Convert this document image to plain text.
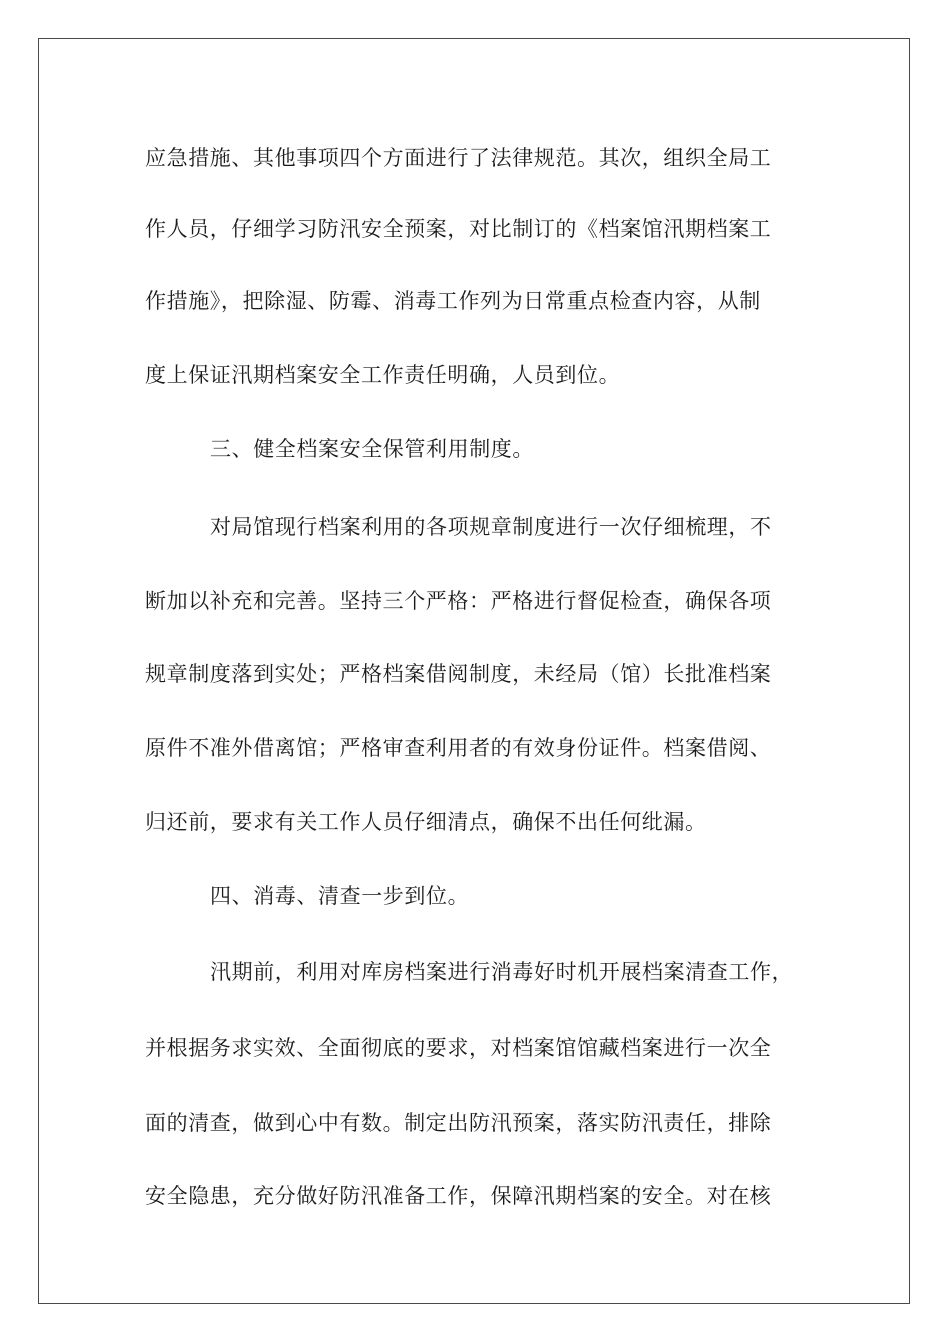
应急措施、其他事项四个方面进行了法律规范。其次，组织全局工
作人员，仔细学习防汛安全预案，对比制订的《档案馆汛期档案工
作措施》，把除湿、防霉、消毒工作列为日常重点检查内容，从制
度上保证汛期档案安全工作责任明确，人员到位。
三、健全档案安全保管利用制度。
对局馆现行档案利用的各项规章制度进行一次仔细梳理，不
断加以补充和完善。坚持三个严格：严格进行督促检查，确保各项
规章制度落到实处；严格档案借阅制度，未经局（馆）长批准档案
原件不准外借离馆；严格审查利用者的有效身份证件。档案借阅、
归还前，要求有关工作人员仔细清点，确保不出任何纰漏。
四、消毒、清查一步到位。
汛期前，利用对库房档案进行消毒好时机开展档案清查工作，
并根据务求实效、全面彻底的要求，对档案馆馆藏档案进行一次全
面的清查，做到心中有数。制定出防汛预案，落实防汛责任，排除
安全隐患，充分做好防汛准备工作，保障汛期档案的安全。对在核
